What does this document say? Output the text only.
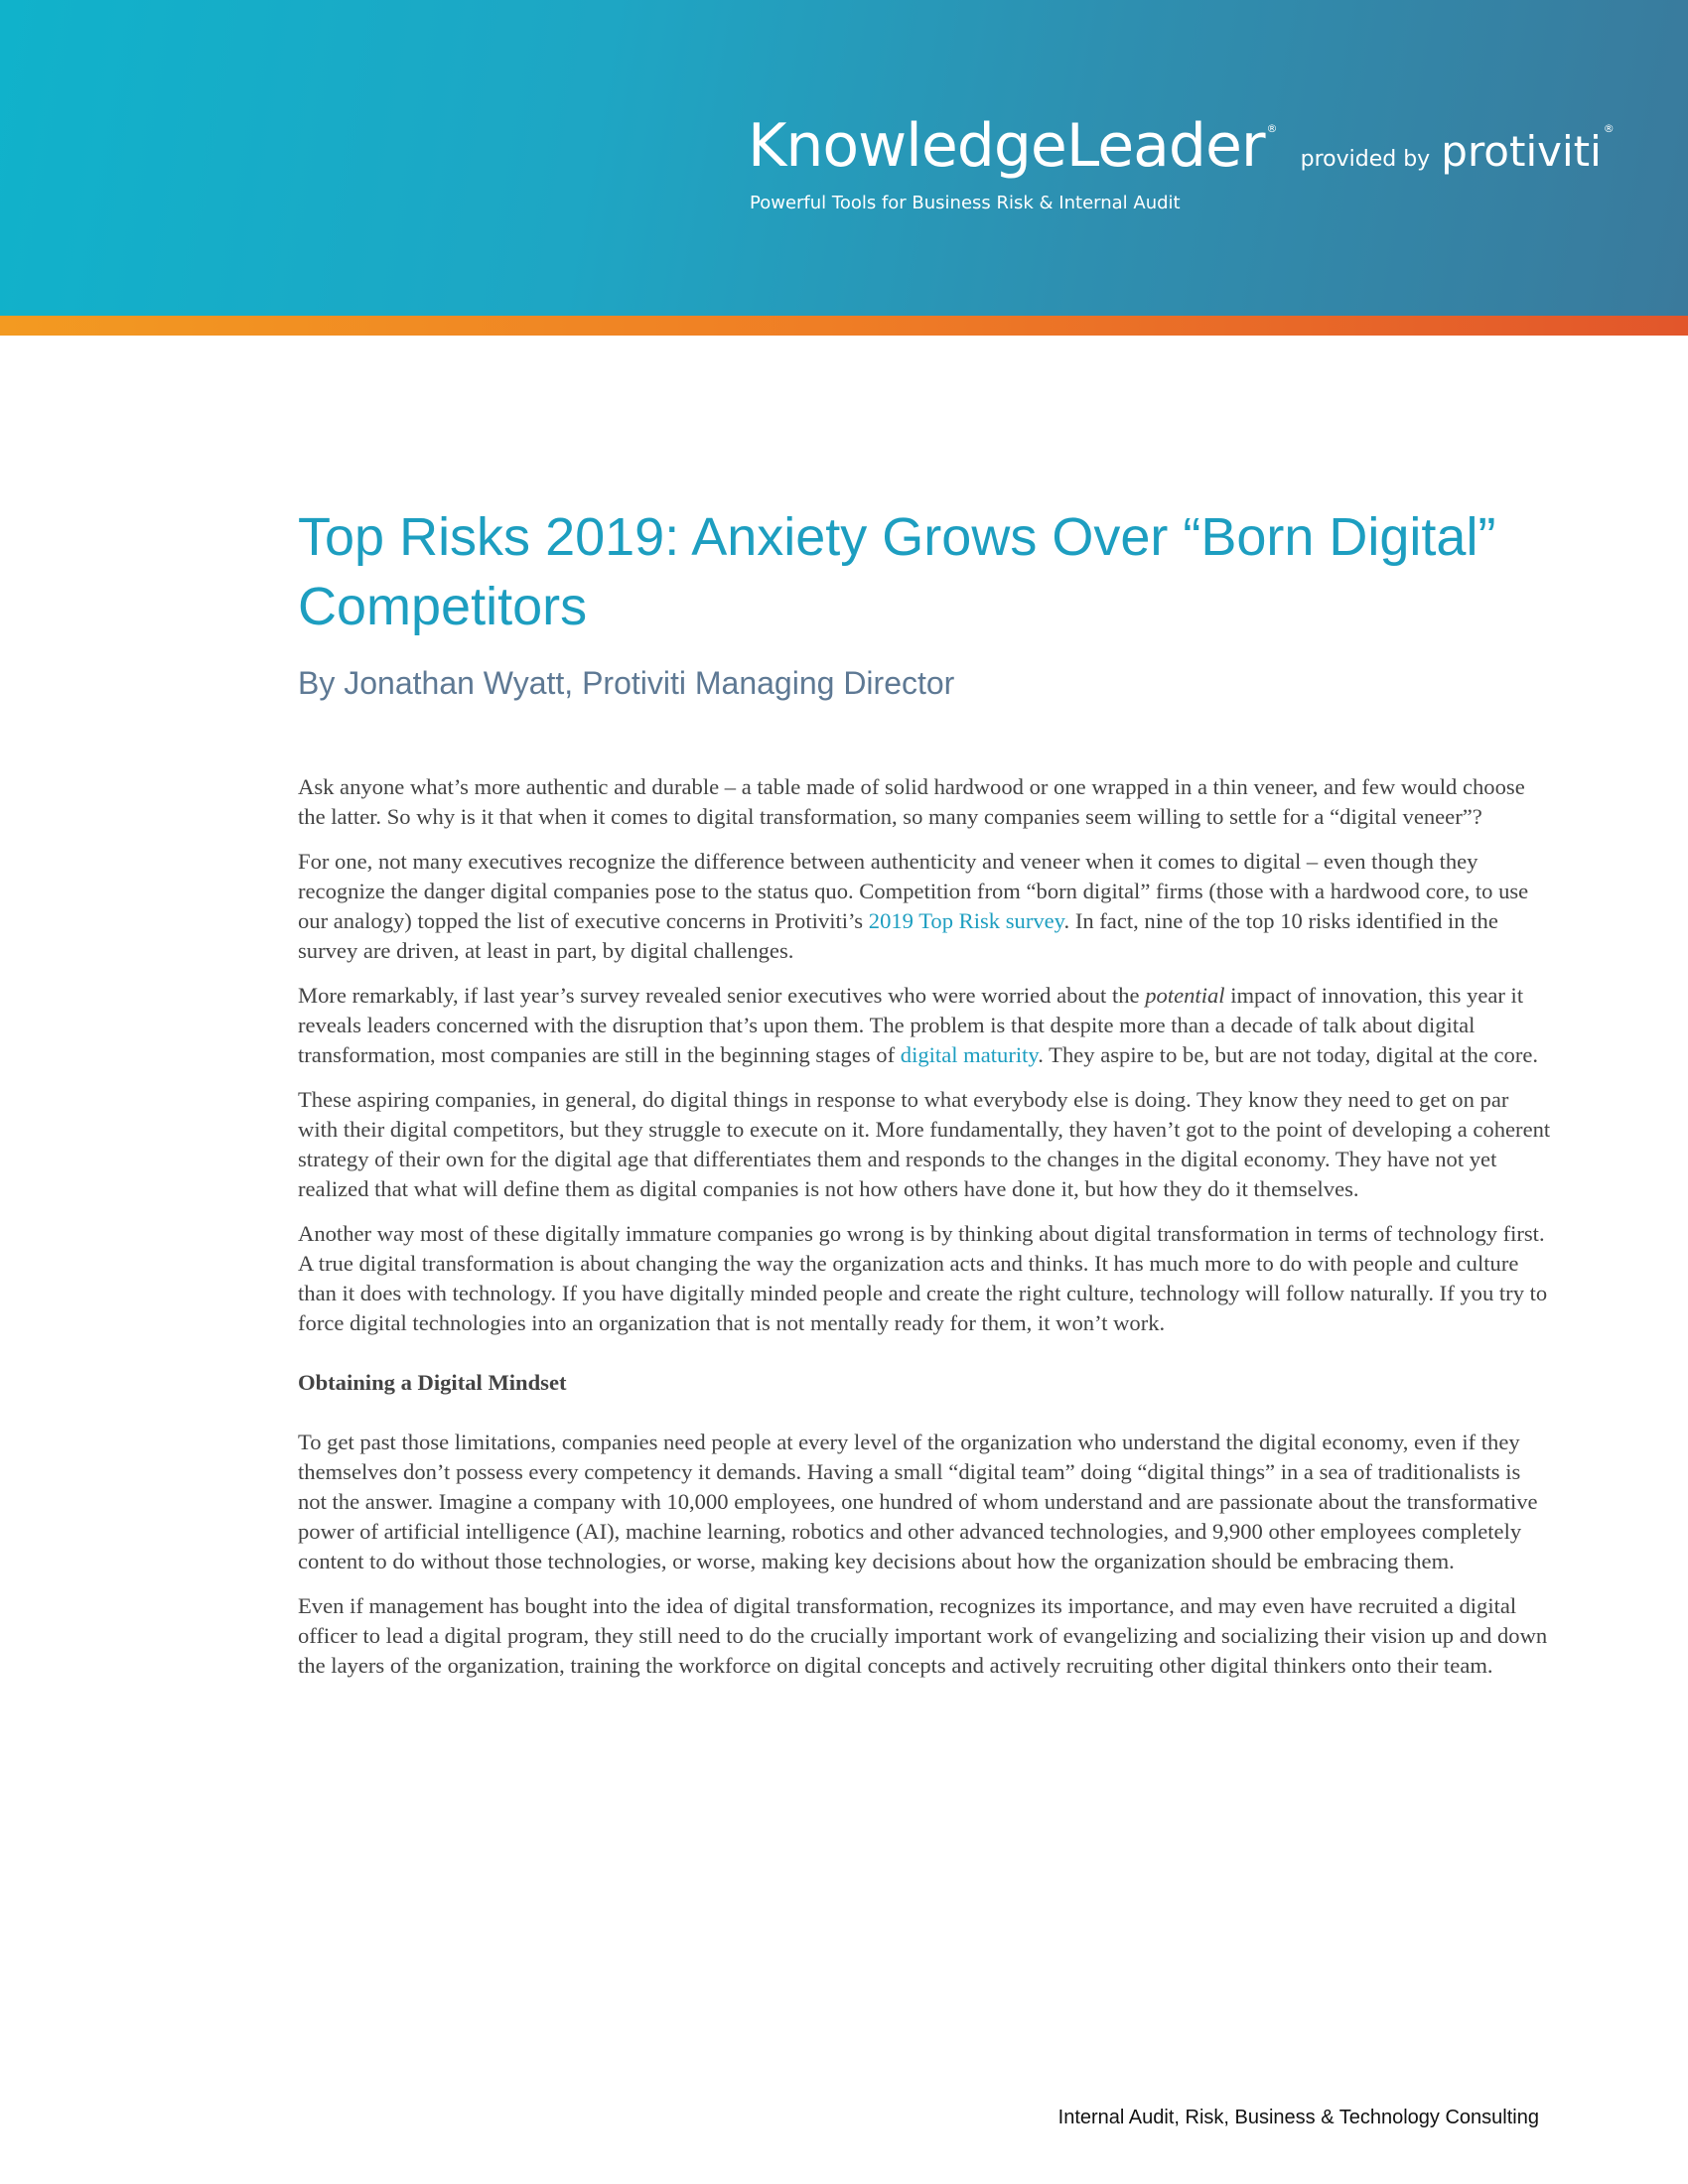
KnowledgeLeader ® provided by protiviti ®
Powerful Tools for Business Risk & Internal Audit
Top Risks 2019: Anxiety Grows Over “Born Digital” Competitors
By Jonathan Wyatt, Protiviti Managing Director

Ask anyone what’s more authentic and durable – a table made of solid hardwood or one wrapped in a thin veneer, and few would choose the latter. So why is it that when it comes to digital transformation, so many companies seem willing to settle for a “digital veneer”?

For one, not many executives recognize the difference between authenticity and veneer when it comes to digital – even though they recognize the danger digital companies pose to the status quo. Competition from “born digital” firms (those with a hardwood core, to use our analogy) topped the list of executive concerns in Protiviti’s 2019 Top Risk survey. In fact, nine of the top 10 risks identified in the survey are driven, at least in part, by digital challenges.

More remarkably, if last year’s survey revealed senior executives who were worried about the potential impact of innovation, this year it reveals leaders concerned with the disruption that’s upon them. The problem is that despite more than a decade of talk about digital transformation, most companies are still in the beginning stages of digital maturity. They aspire to be, but are not today, digital at the core.

These aspiring companies, in general, do digital things in response to what everybody else is doing. They know they need to get on par with their digital competitors, but they struggle to execute on it. More fundamentally, they haven’t got to the point of developing a coherent strategy of their own for the digital age that differentiates them and responds to the changes in the digital economy. They have not yet realized that what will define them as digital companies is not how others have done it, but how they do it themselves.

Another way most of these digitally immature companies go wrong is by thinking about digital transformation in terms of technology first. A true digital transformation is about changing the way the organization acts and thinks. It has much more to do with people and culture than it does with technology. If you have digitally minded people and create the right culture, technology will follow naturally. If you try to force digital technologies into an organization that is not mentally ready for them, it won’t work.

Obtaining a Digital Mindset

To get past those limitations, companies need people at every level of the organization who understand the digital economy, even if they themselves don’t possess every competency it demands. Having a small “digital team” doing “digital things” in a sea of traditionalists is not the answer. Imagine a company with 10,000 employees, one hundred of whom understand and are passionate about the transformative power of artificial intelligence (AI), machine learning, robotics and other advanced technologies, and 9,900 other employees completely content to do without those technologies, or worse, making key decisions about how the organization should be embracing them.

Even if management has bought into the idea of digital transformation, recognizes its importance, and may even have recruited a digital officer to lead a digital program, they still need to do the crucially important work of evangelizing and socializing their vision up and down the layers of the organization, training the workforce on digital concepts and actively recruiting other digital thinkers onto their team.

Internal Audit, Risk, Business & Technology Consulting
